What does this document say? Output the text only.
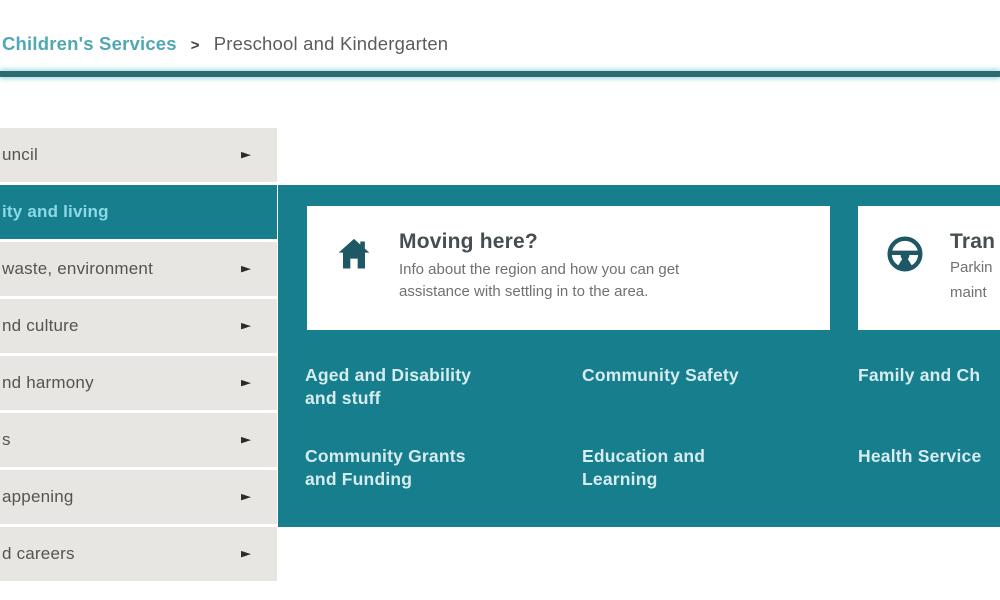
Children's Services > Preschool and Kindergarten
Moving here?
Info about the region and how you can get assistance with settling in to the area.
Tran
Parkin
maint
Aged and Disability and stuff
Community Safety	Family and Ch
Community Grants and Funding
Education and Learning
Health Service
uncil	►
ity and living
waste, environment	►
nd culture	►
nd harmony	►
s	►
appening	►
d careers	►
